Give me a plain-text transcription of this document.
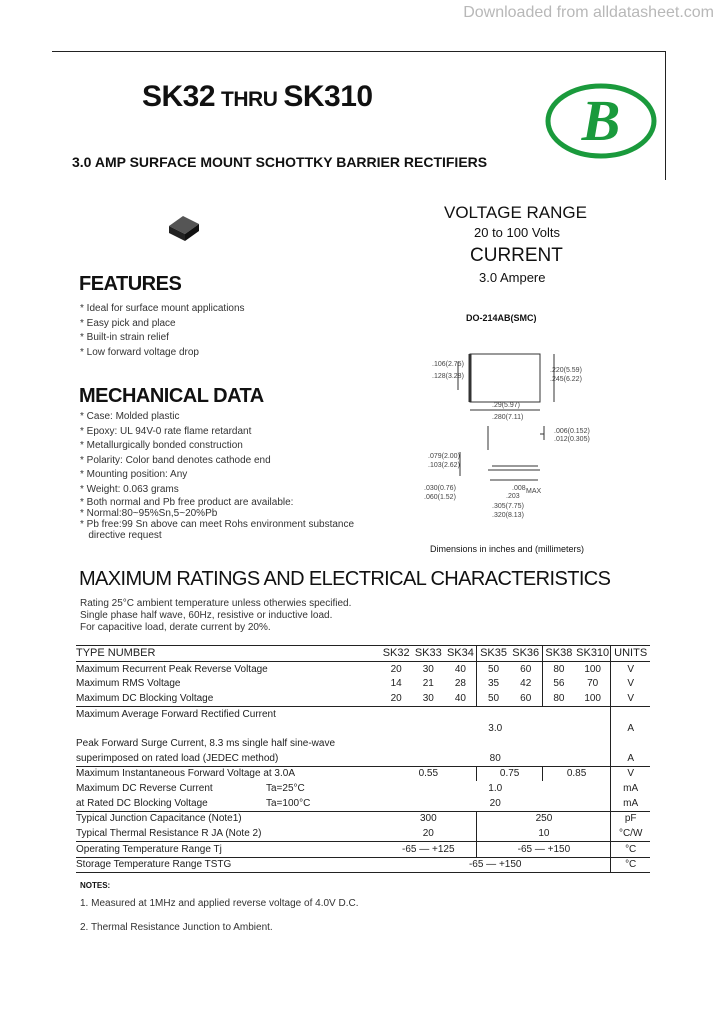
Downloaded from alldatasheet.com
SK32 THRU SK310
3.0 AMP SURFACE MOUNT SCHOTTKY BARRIER RECTIFIERS
B
VOLTAGE RANGE
20 to 100 Volts
CURRENT
3.0 Ampere
DO-214AB(SMC)
.106(2.75)
.128(3.28)
.220(5.59)
.245(6.22)
.29(5.97)
.280(7.11)
.006(0.152)
.012(0.305)
.079(2.00)
.103(2.62)
.030(0.76)
.060(1.52)
.008
.203
MAX
.305(7.75)
.320(8.13)
Dimensions in inches and (millimeters)
FEATURES
* Ideal for surface mount applications
* Easy pick and place
* Built-in strain relief
* Low forward voltage drop
MECHANICAL DATA
* Case: Molded plastic
* Epoxy: UL 94V-0 rate flame retardant
* Metallurgically bonded construction
* Polarity: Color band denotes cathode end
* Mounting position: Any
* Weight: 0.063 grams
* Both normal and Pb free product are available:
* Normal:80~95%Sn,5~20%Pb
* Pb free:99 Sn above can meet Rohs environment substance
directive request
MAXIMUM RATINGS AND ELECTRICAL CHARACTERISTICS
Rating 25°C ambient temperature unless otherwies specified.
Single phase half wave, 60Hz, resistive or inductive load.
For capacitive load, derate current by 20%.
TYPE NUMBER	SK32	SK33	SK34	SK35	SK36	SK38	SK310	UNITS
Maximum Recurrent Peak Reverse Voltage	20	30	40	50	60	80	100	V
Maximum RMS Voltage	14	21	28	35	42	56	70	V
Maximum DC Blocking Voltage	20	30	40	50	60	80	100	V
Maximum Average Forward Rectified Current								
	3.0							A
Peak Forward Surge Current, 8.3 ms single half sine-wave								
superimposed on rated load (JEDEC method)	80							A
Maximum Instantaneous Forward Voltage at 3.0A	0.55			0.75		0.85		V
Maximum DC Reverse Current Ta=25°C	1.0							mA
at Rated DC Blocking Voltage Ta=100°C	20							mA
Typical Junction Capacitance (Note1)	300			250				pF
Typical Thermal Resistance R JA (Note 2)	20			10				°C/W
Operating Temperature Range Tj	-65 — +125			-65 — +150				°C
Storage Temperature Range TSTG	-65 — +150							°C
NOTES:
1. Measured at 1MHz and applied reverse voltage of 4.0V D.C.
2. Thermal Resistance Junction to Ambient.
